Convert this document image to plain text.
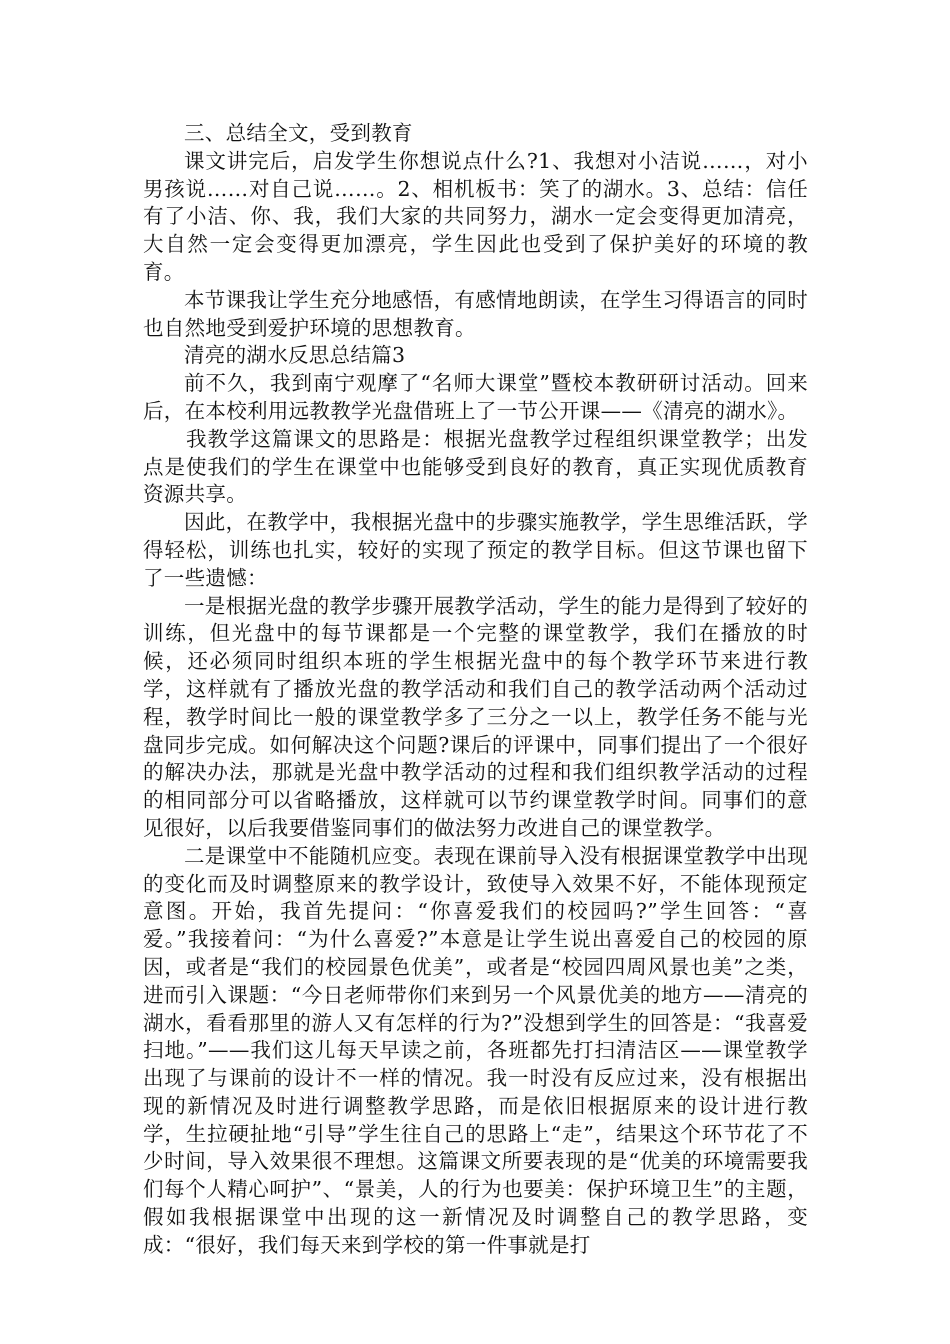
三、总结全文，受到教育

课文讲完后，启发学生你想说点什么?1、我想对小洁说……，对小男孩说……对自己说……。2、相机板书：笑了的湖水。3、总结：信任有了小洁、你、我，我们大家的共同努力，湖水一定会变得更加清亮，大自然一定会变得更加漂亮，学生因此也受到了保护美好的环境的教育。

本节课我让学生充分地感悟，有感情地朗读，在学生习得语言的同时也自然地受到爱护环境的思想教育。

清亮的湖水反思总结篇3

前不久，我到南宁观摩了“名师大课堂”暨校本教研研讨活动。回来后，在本校利用远教教学光盘借班上了一节公开课——《清亮的湖水》。

我教学这篇课文的思路是：根据光盘教学过程组织课堂教学；出发点是使我们的学生在课堂中也能够受到良好的教育，真正实现优质教育资源共享。

因此，在教学中，我根据光盘中的步骤实施教学，学生思维活跃，学得轻松，训练也扎实，较好的实现了预定的教学目标。但这节课也留下了一些遗憾：

一是根据光盘的教学步骤开展教学活动，学生的能力是得到了较好的训练，但光盘中的每节课都是一个完整的课堂教学，我们在播放的时候，还必须同时组织本班的学生根据光盘中的每个教学环节来进行教学，这样就有了播放光盘的教学活动和我们自己的教学活动两个活动过程，教学时间比一般的课堂教学多了三分之一以上，教学任务不能与光盘同步完成。如何解决这个问题?课后的评课中，同事们提出了一个很好的解决办法，那就是光盘中教学活动的过程和我们组织教学活动的过程的相同部分可以省略播放，这样就可以节约课堂教学时间。同事们的意见很好，以后我要借鉴同事们的做法努力改进自己的课堂教学。

二是课堂中不能随机应变。表现在课前导入没有根据课堂教学中出现的变化而及时调整原来的教学设计，致使导入效果不好，不能体现预定意图。开始，我首先提问：“你喜爱我们的校园吗?”学生回答：“喜爱。”我接着问：“为什么喜爱?”本意是让学生说出喜爱自己的校园的原因，或者是“我们的校园景色优美”，或者是“校园四周风景也美”之类，进而引入课题：“今日老师带你们来到另一个风景优美的地方——清亮的湖水，看看那里的游人又有怎样的行为?”没想到学生的回答是：“我喜爱扫地。”——我们这儿每天早读之前，各班都先打扫清洁区——课堂教学出现了与课前的设计不一样的情况。我一时没有反应过来，没有根据出现的新情况及时进行调整教学思路，而是依旧根据原来的设计进行教学，生拉硬扯地“引导”学生往自己的思路上“走”，结果这个环节花了不少时间，导入效果很不理想。这篇课文所要表现的是“优美的环境需要我们每个人精心呵护”、“景美，人的行为也要美：保护环境卫生”的主题，假如我根据课堂中出现的这一新情况及时调整自己的教学思路，变成：“很好，我们每天来到学校的第一件事就是打
